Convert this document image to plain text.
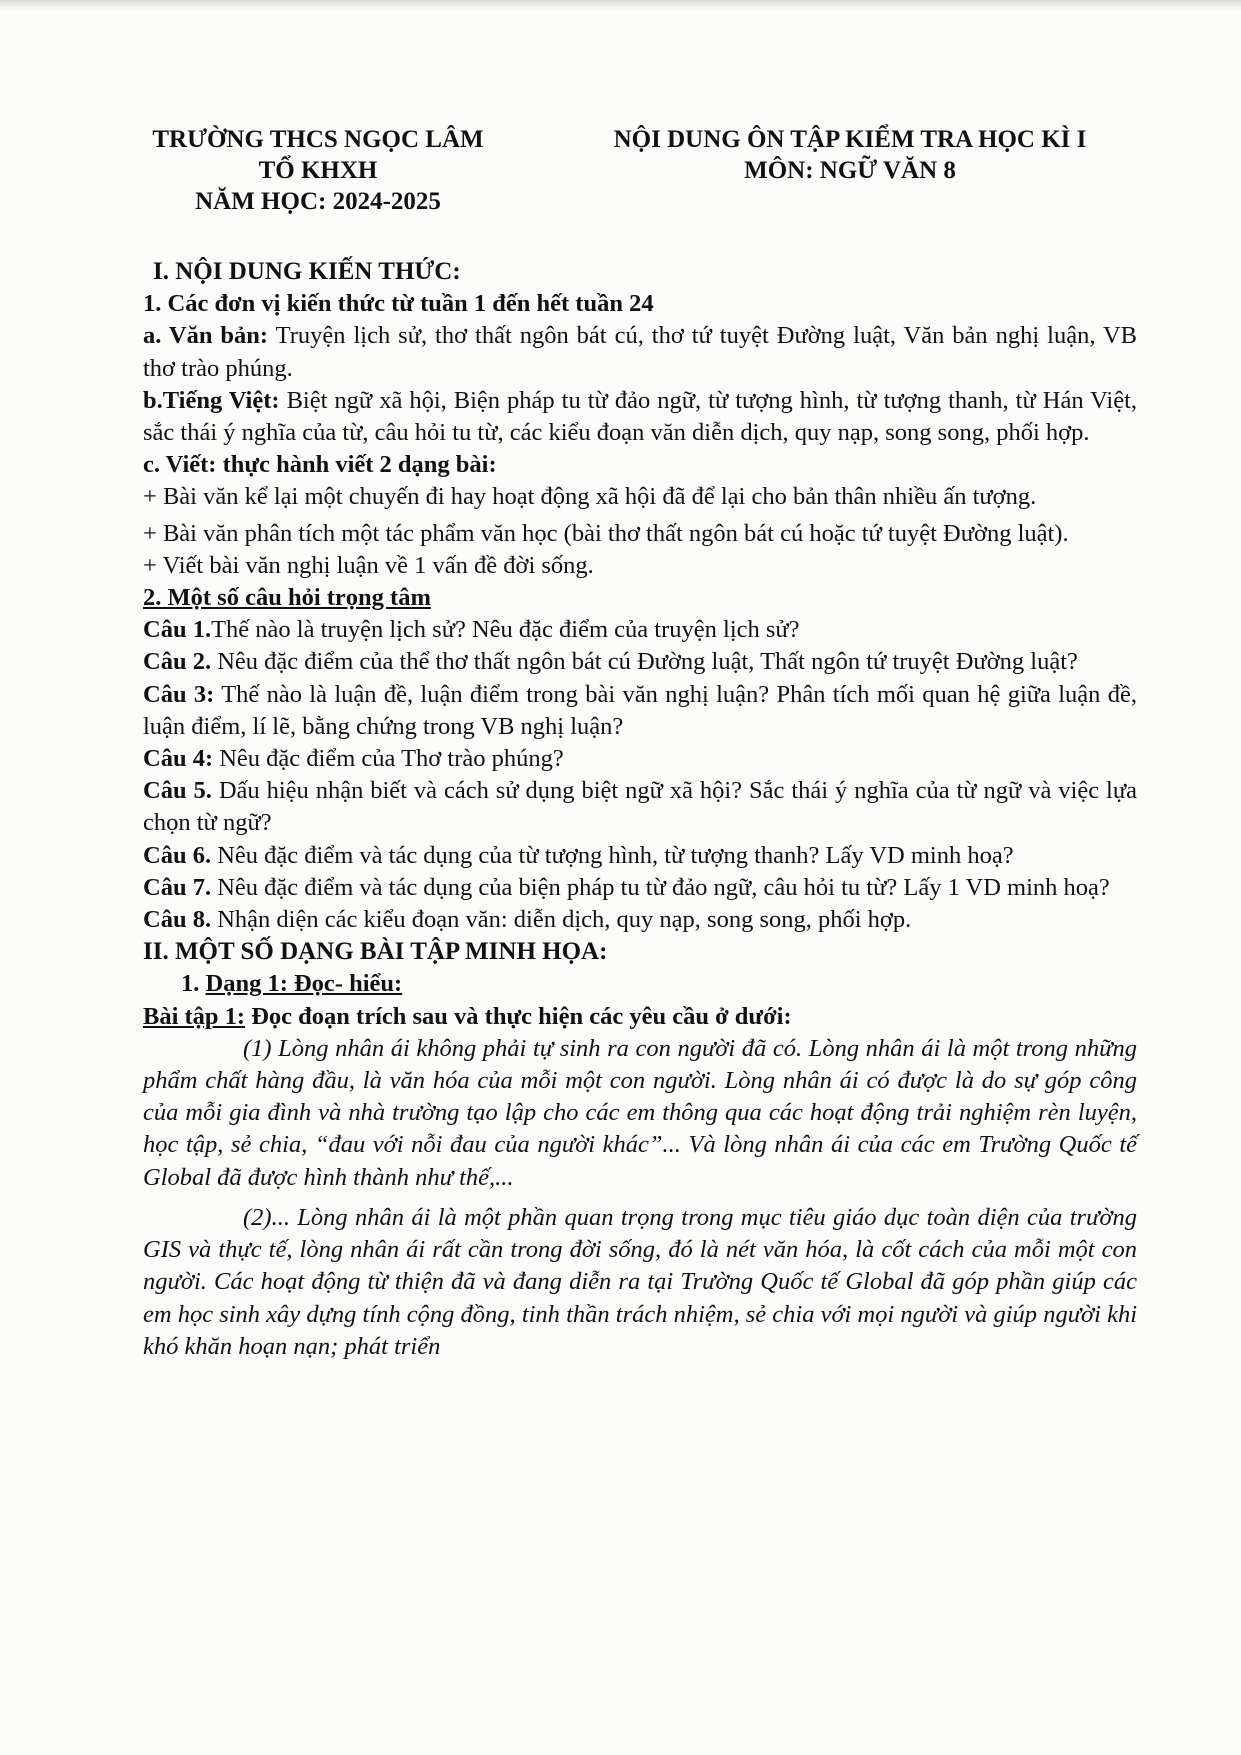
TRƯỜNG THCS NGỌC LÂM
TỔ KHXH
NĂM HỌC: 2024-2025
NỘI DUNG ÔN TẬP KIỂM TRA HỌC KÌ I
MÔN: NGỮ VĂN 8

I. NỘI DUNG KIẾN THỨC:

1. Các đơn vị kiến thức từ tuần 1 đến hết tuần 24

a. Văn bản: Truyện lịch sử, thơ thất ngôn bát cú, thơ tứ tuyệt Đường luật, Văn bản nghị luận, VB thơ trào phúng.

b.Tiếng Việt: Biệt ngữ xã hội, Biện pháp tu từ đảo ngữ, từ tượng hình, từ tượng thanh, từ Hán Việt, sắc thái ý nghĩa của từ, câu hỏi tu từ, các kiểu đoạn văn diễn dịch, quy nạp, song song, phối hợp.

c. Viết: thực hành viết 2 dạng bài:

+ Bài văn kể lại một chuyến đi hay hoạt động xã hội đã để lại cho bản thân nhiều ấn tượng.

+ Bài văn phân tích một tác phẩm văn học (bài thơ thất ngôn bát cú hoặc tứ tuyệt Đường luật).

+ Viết bài văn nghị luận về 1 vấn đề đời sống.

2. Một số câu hỏi trọng tâm

Câu 1.Thế nào là truyện lịch sử? Nêu đặc điểm của truyện lịch sử?

Câu 2. Nêu đặc điểm của thể thơ thất ngôn bát cú Đường luật, Thất ngôn tứ truyệt Đường luật?

Câu 3: Thế nào là luận đề, luận điểm trong bài văn nghị luận? Phân tích mối quan hệ giữa luận đề, luận điểm, lí lẽ, bằng chứng trong VB nghị luận?

Câu 4: Nêu đặc điểm của Thơ trào phúng?

Câu 5. Dấu hiệu nhận biết và cách sử dụng biệt ngữ xã hội? Sắc thái ý nghĩa của từ ngữ và việc lựa chọn từ ngữ?

Câu 6. Nêu đặc điểm và tác dụng của từ tượng hình, từ tượng thanh? Lấy VD minh hoạ?

Câu 7. Nêu đặc điểm và tác dụng của biện pháp tu từ đảo ngữ, câu hỏi tu từ? Lấy 1 VD minh hoạ?

Câu 8. Nhận diện các kiểu đoạn văn: diễn dịch, quy nạp, song song, phối hợp.

II. MỘT SỐ DẠNG BÀI TẬP MINH HỌA:

1. Dạng 1: Đọc- hiểu:

Bài tập 1: Đọc đoạn trích sau và thực hiện các yêu cầu ở dưới:

(1) Lòng nhân ái không phải tự sinh ra con người đã có. Lòng nhân ái là một trong những phẩm chất hàng đầu, là văn hóa của mỗi một con người. Lòng nhân ái có được là do sự góp công của mỗi gia đình và nhà trường tạo lập cho các em thông qua các hoạt động trải nghiệm rèn luyện, học tập, sẻ chia, “đau với nỗi đau của người khác”... Và lòng nhân ái của các em Trường Quốc tế Global đã được hình thành như thế,...

(2)... Lòng nhân ái là một phần quan trọng trong mục tiêu giáo dục toàn diện của trường GIS và thực tế, lòng nhân ái rất cần trong đời sống, đó là nét văn hóa, là cốt cách của mỗi một con người. Các hoạt động từ thiện đã và đang diễn ra tại Trường Quốc tế Global đã góp phần giúp các em học sinh xây dựng tính cộng đồng, tinh thần trách nhiệm, sẻ chia với mọi người và giúp người khi khó khăn hoạn nạn; phát triển
